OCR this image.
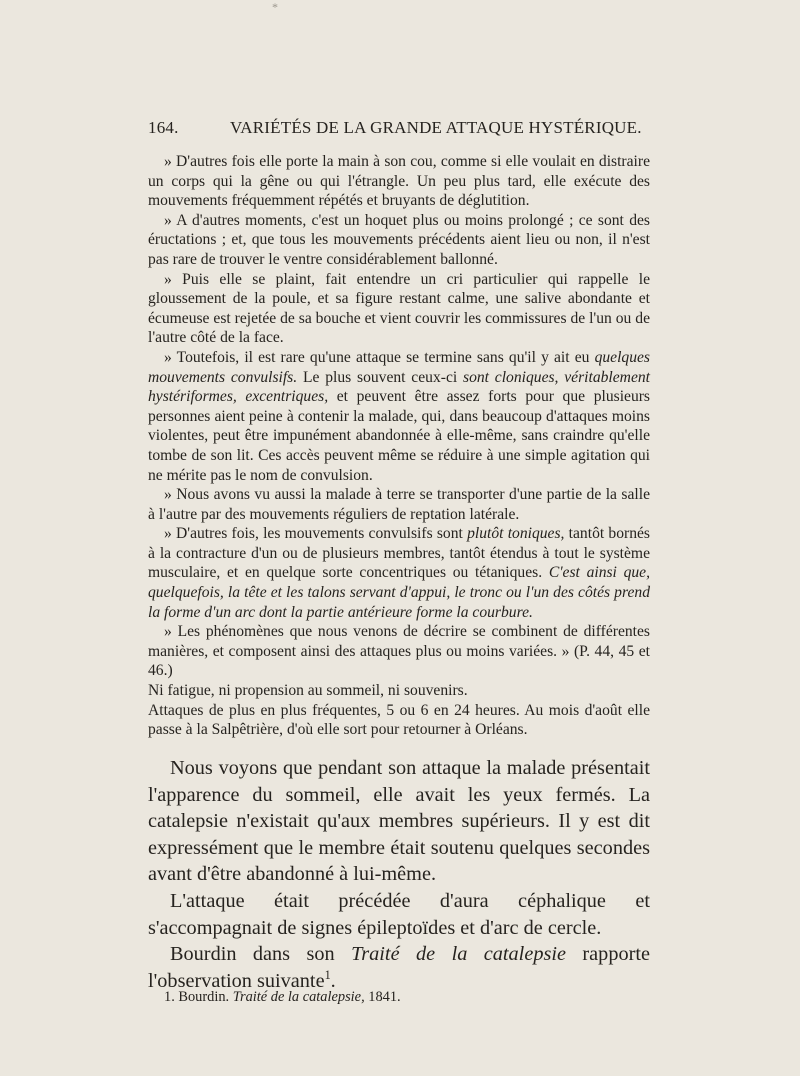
*
164.	VARIÉTÉS DE LA GRANDE ATTAQUE HYSTÉRIQUE.

» D'autres fois elle porte la main à son cou, comme si elle voulait en distraire un corps qui la gêne ou qui l'étrangle. Un peu plus tard, elle exécute des mouvements fréquemment répétés et bruyants de déglutition.

» A d'autres moments, c'est un hoquet plus ou moins prolongé ; ce sont des éructations ; et, que tous les mouvements précédents aient lieu ou non, il n'est pas rare de trouver le ventre considérablement ballonné.

» Puis elle se plaint, fait entendre un cri particulier qui rappelle le gloussement de la poule, et sa figure restant calme, une salive abondante et écumeuse est rejetée de sa bouche et vient couvrir les commissures de l'un ou de l'autre côté de la face.

» Toutefois, il est rare qu'une attaque se termine sans qu'il y ait eu quelques mouvements convulsifs. Le plus souvent ceux-ci sont cloniques, véritablement hystériformes, excentriques, et peuvent être assez forts pour que plusieurs personnes aient peine à contenir la malade, qui, dans beaucoup d'attaques moins violentes, peut être impunément abandonnée à elle-même, sans craindre qu'elle tombe de son lit. Ces accès peuvent même se réduire à une simple agitation qui ne mérite pas le nom de convulsion.

» Nous avons vu aussi la malade à terre se transporter d'une partie de la salle à l'autre par des mouvements réguliers de reptation latérale.

» D'autres fois, les mouvements convulsifs sont plutôt toniques, tantôt bornés à la contracture d'un ou de plusieurs membres, tantôt étendus à tout le système musculaire, et en quelque sorte concentriques ou tétaniques. C'est ainsi que, quelquefois, la tête et les talons servant d'appui, le tronc ou l'un des côtés prend la forme d'un arc dont la partie antérieure forme la courbure.

» Les phénomènes que nous venons de décrire se combinent de différentes manières, et composent ainsi des attaques plus ou moins variées. » (P. 44, 45 et 46.)

Ni fatigue, ni propension au sommeil, ni souvenirs.

Attaques de plus en plus fréquentes, 5 ou 6 en 24 heures. Au mois d'août elle passe à la Salpêtrière, d'où elle sort pour retourner à Orléans.

Nous voyons que pendant son attaque la malade présentait l'apparence du sommeil, elle avait les yeux fermés. La catalepsie n'existait qu'aux membres supérieurs. Il y est dit expressément que le membre était soutenu quelques secondes avant d'être abandonné à lui-même.

L'attaque était précédée d'aura céphalique et s'accompagnait de signes épileptoïdes et d'arc de cercle.

Bourdin dans son Traité de la catalepsie rapporte l'observation suivante$^1$.

1. Bourdin. Traité de la catalepsie, 1841.
